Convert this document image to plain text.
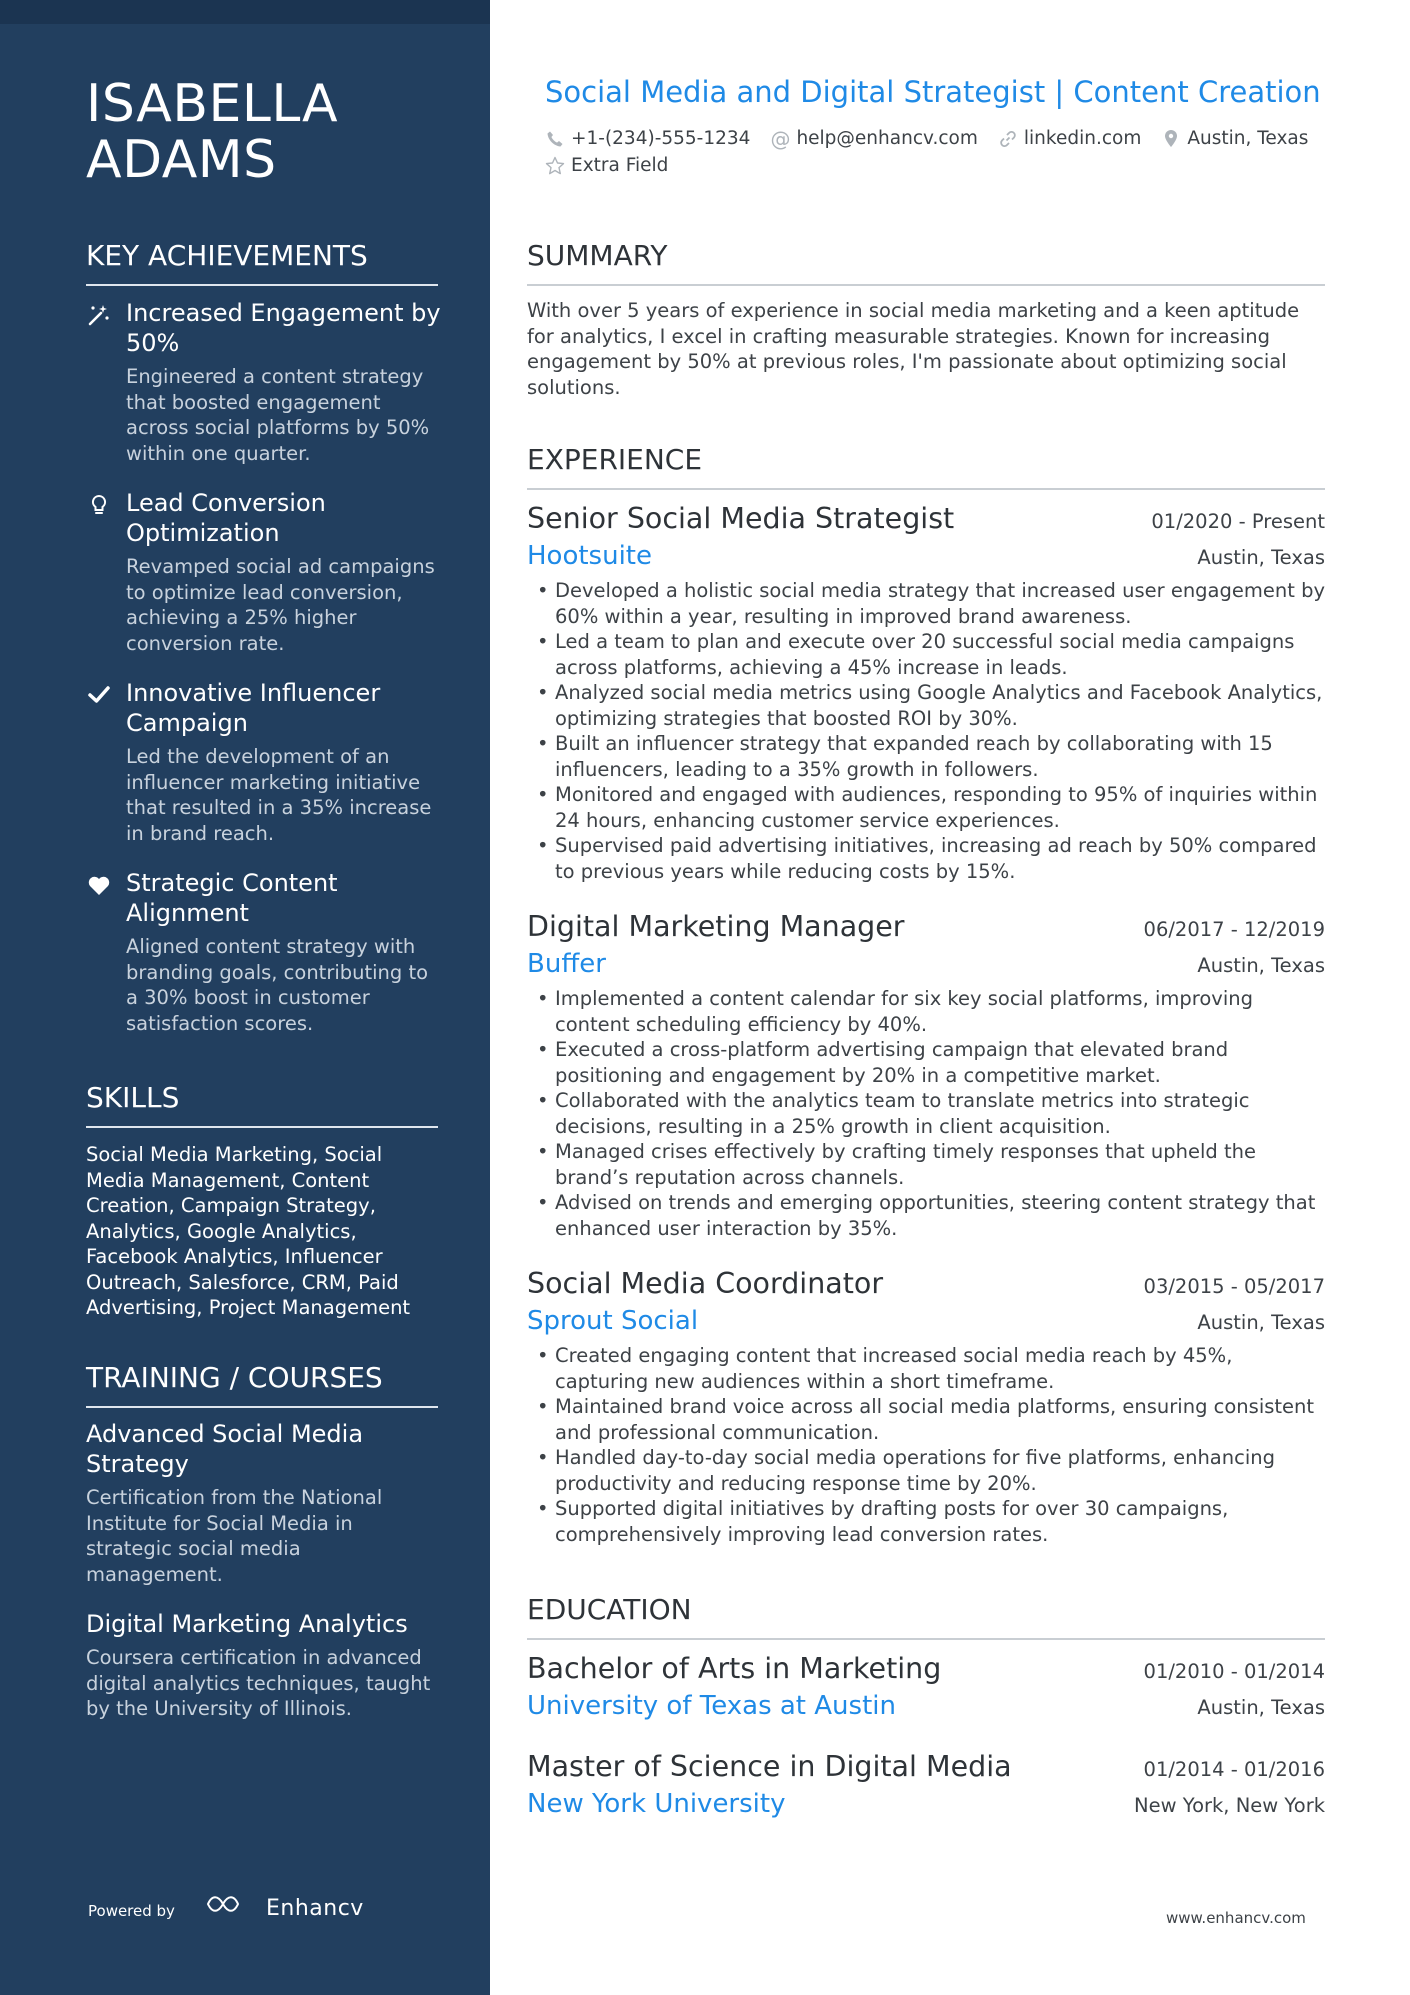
ISABELLA ADAMS
KEY ACHIEVEMENTS
Increased Engagement by 50%
Engineered a content strategy that boosted engagement across social platforms by 50% within one quarter.
Lead Conversion Optimization
Revamped social ad campaigns to optimize lead conversion, achieving a 25% higher conversion rate.
Innovative Influencer Campaign
Led the development of an influencer marketing initiative that resulted in a 35% increase in brand reach.
Strategic Content Alignment
Aligned content strategy with branding goals, contributing to a 30% boost in customer satisfaction scores.
SKILLS
Social Media Marketing, Social Media Management, Content Creation, Campaign Strategy, Analytics, Google Analytics, Facebook Analytics, Influencer Outreach, Salesforce, CRM, Paid Advertising, Project Management
TRAINING / COURSES
Advanced Social Media Strategy
Certification from the National Institute for Social Media in strategic social media management.
Digital Marketing Analytics
Coursera certification in advanced digital analytics techniques, taught by the University of Illinois.
Powered by	Enhancv
Social Media and Digital Strategist | Content Creation
+1-(234)-555-1234 @ help@enhancv.com linkedin.com Austin, Texas
Extra Field
SUMMARY

With over 5 years of experience in social media marketing and a keen aptitude for analytics, I excel in crafting measurable strategies. Known for increasing engagement by 50% at previous roles, I'm passionate about optimizing social solutions.

EXPERIENCE
Senior Social Media Strategist	01/2020 - Present
Hootsuite	Austin, Texas
• Developed a holistic social media strategy that increased user engagement by 60% within a year, resulting in improved brand awareness.
• Led a team to plan and execute over 20 successful social media campaigns across platforms, achieving a 45% increase in leads.
• Analyzed social media metrics using Google Analytics and Facebook Analytics, optimizing strategies that boosted ROI by 30%.
• Built an influencer strategy that expanded reach by collaborating with 15 influencers, leading to a 35% growth in followers.
• Monitored and engaged with audiences, responding to 95% of inquiries within 24 hours, enhancing customer service experiences.
• Supervised paid advertising initiatives, increasing ad reach by 50% compared to previous years while reducing costs by 15%.
Digital Marketing Manager	06/2017 - 12/2019
Buffer	Austin, Texas
• Implemented a content calendar for six key social platforms, improving content scheduling efficiency by 40%.
• Executed a cross-platform advertising campaign that elevated brand positioning and engagement by 20% in a competitive market.
• Collaborated with the analytics team to translate metrics into strategic decisions, resulting in a 25% growth in client acquisition.
• Managed crises effectively by crafting timely responses that upheld the brand’s reputation across channels.
• Advised on trends and emerging opportunities, steering content strategy that enhanced user interaction by 35%.
Social Media Coordinator	03/2015 - 05/2017
Sprout Social	Austin, Texas
• Created engaging content that increased social media reach by 45%, capturing new audiences within a short timeframe.
• Maintained brand voice across all social media platforms, ensuring consistent and professional communication.
• Handled day-to-day social media operations for five platforms, enhancing productivity and reducing response time by 20%.
• Supported digital initiatives by drafting posts for over 30 campaigns, comprehensively improving lead conversion rates.
EDUCATION
Bachelor of Arts in Marketing	01/2010 - 01/2014
University of Texas at Austin	Austin, Texas
Master of Science in Digital Media	01/2014 - 01/2016
New York University	New York, New York
www.enhancv.com
